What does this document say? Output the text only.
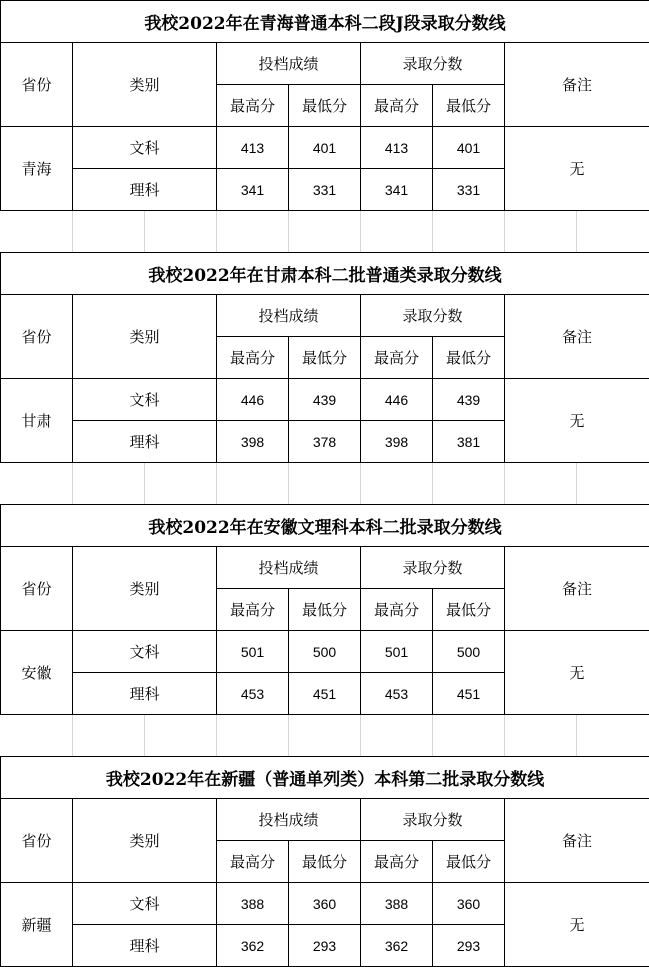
我校2022年在青海普通本科二段J段录取分数线						
省份	类别	投档成绩		录取分数		备注
		最高分	最低分	最高分	最低分	
青海	文科	413	401	413	401	无
	理科	341	331	341	331	
我校2022年在甘肃本科二批普通类录取分数线						
省份	类别	投档成绩		录取分数		备注
		最高分	最低分	最高分	最低分	
甘肃	文科	446	439	446	439	无
	理科	398	378	398	381	
我校2022年在安徽文理科本科二批录取分数线						
省份	类别	投档成绩		录取分数		备注
		最高分	最低分	最高分	最低分	
安徽	文科	501	500	501	500	无
	理科	453	451	453	451	
我校2022年在新疆（普通单列类）本科第二批录取分数线						
省份	类别	投档成绩		录取分数		备注
		最高分	最低分	最高分	最低分	
新疆	文科	388	360	388	360	无
	理科	362	293	362	293	
